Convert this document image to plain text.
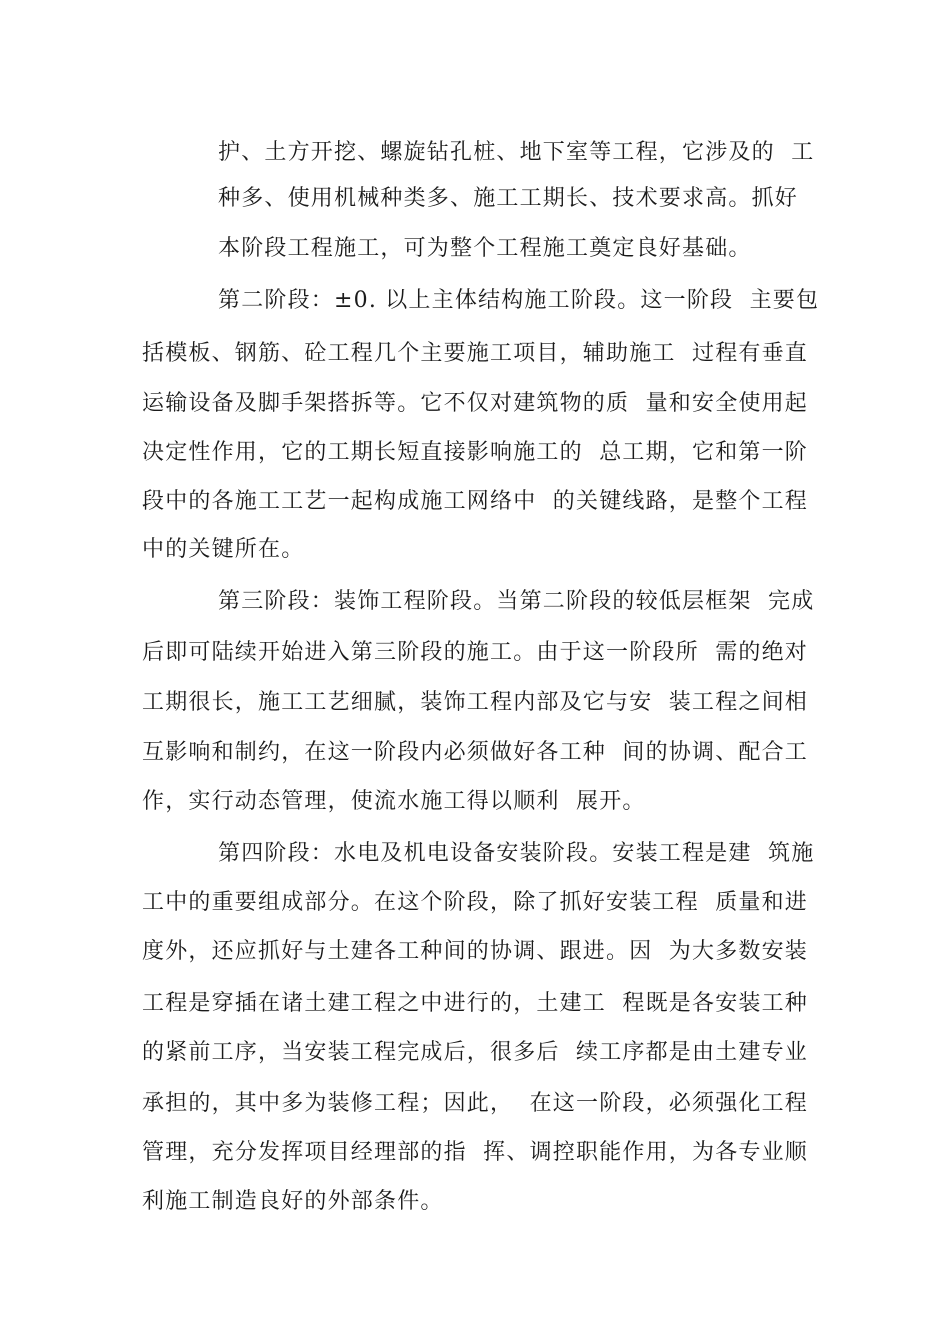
护、土方开挖、螺旋钻孔桩、地下室等工程，它涉及的  工
种多、使用机械种类多、施工工期长、技术要求高。抓好
本阶段工程施工，可为整个工程施工奠定良好基础。
第二阶段：±0. 以上主体结构施工阶段。这一阶段  主要包
括模板、钢筋、砼工程几个主要施工项目，辅助施工  过程有垂直
运输设备及脚手架搭拆等。它不仅对建筑物的质  量和安全使用起
决定性作用，它的工期长短直接影响施工的  总工期，它和第一阶
段中的各施工工艺一起构成施工网络中  的关键线路，是整个工程
中的关键所在。
第三阶段：装饰工程阶段。当第二阶段的较低层框架  完成
后即可陆续开始进入第三阶段的施工。由于这一阶段所  需的绝对
工期很长，施工工艺细腻，装饰工程内部及它与安  装工程之间相
互影响和制约，在这一阶段内必须做好各工种  间的协调、配合工
作，实行动态管理，使流水施工得以顺利  展开。
第四阶段：水电及机电设备安装阶段。安装工程是建  筑施
工中的重要组成部分。在这个阶段，除了抓好安装工程  质量和进
度外，还应抓好与土建各工种间的协调、跟进。因  为大多数安装
工程是穿插在诸土建工程之中进行的，土建工  程既是各安装工种
的紧前工序，当安装工程完成后，很多后  续工序都是由土建专业
承担的，其中多为装修工程；因此，  在这一阶段，必须强化工程
管理，充分发挥项目经理部的指  挥、调控职能作用，为各专业顺
利施工制造良好的外部条件。
